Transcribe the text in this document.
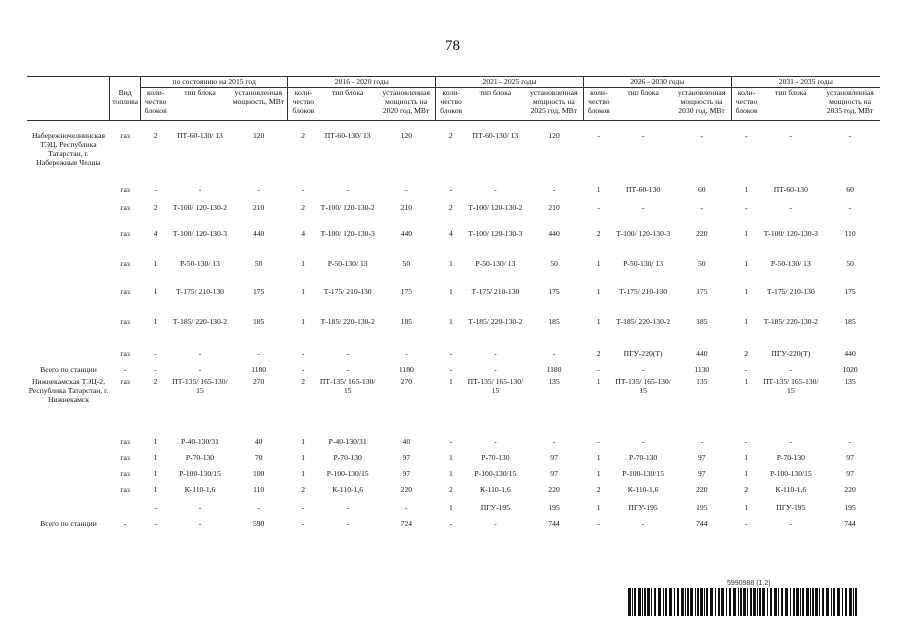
78
		по состоянию на 2015 год			2016 - 2020 годы			2021 - 2025 годы			2026 - 2030 годы			2031 - 2035 годы		
	Вид топлива	коли-чество блоков	тип блока	установленная мощность, МВт	коли-чество блоков	тип блока	установленная мощность на 2020 год, МВт	коли-чество блоков	тип блока	установленная мощность на 2025 год, МВт	коли-чество блоков	тип блока	установленная мощность на 2030 год, МВт	коли-чество блоков	тип блока	установленная мощность на 2035 год, МВт
Набережночелнинская ТЭЦ, Республика Татарстан, г. Набережные Челны	газ	2	ПТ-60-130/ 13	120	2	ПТ-60-130/ 13	120	2	ПТ-60-130/ 13	120	-	-	-	-	-	-
	газ	-	-	-	-	-	-	-	-	-	1	ПТ-60-130	60	1	ПТ-60-130	60
	газ	2	Т-100/ 120-130-2	210	2	Т-100/ 120-130-2	210	2	Т-100/ 120-130-2	210	-	-	-	-	-	-
	газ	4	Т-100/ 120-130-3	440	4	Т-100/ 120-130-3	440	4	Т-100/ 120-130-3	440	2	Т-100/ 120-130-3	220	1	Т-100/ 120-130-3	110
	газ	1	Р-50-130/ 13	50	1	Р-50-130/ 13	50	1	Р-50-130/ 13	50	1	Р-50-130/ 13	50	1	Р-50-130/ 13	50
	газ	1	Т-175/ 210-130	175	1	Т-175/ 210-130	175	1	Т-175/ 210-130	175	1	Т-175/ 210-130	175	1	Т-175/ 210-130	175
	газ	1	Т-185/ 220-130-2	185	1	Т-185/ 220-130-2	185	1	Т-185/ 220-130-2	185	1	Т-185/ 220-130-2	185	1	Т-185/ 220-130-2	185
	газ	-	-	-	-	-	-	-	-	-	2	ПГУ-220(Т)	440	2	ПГУ-220(Т)	440
Всего по станции	-	-	-	1180	-	-	1180	-	-	1180	-	-	1130	-	-	1020
Нижнекамская ТЭЦ-2, Республика Татарстан, г. Нижнекамск	газ	2	ПТ-135/ 165-130/ 15	270	2	ПТ-135/ 165-130/ 15	270	1	ПТ-135/ 165-130/ 15	135	1	ПТ-135/ 165-130/ 15	135	1	ПТ-135/ 165-130/ 15	135
	газ	1	Р-40-130/31	40	1	Р-40-130/31	40	-	-	-	-	-	-	-	-	-
	газ	1	Р-70-130	70	1	Р-70-130	97	1	Р-70-130	97	1	Р-70-130	97	1	Р-70-130	97
	газ	1	Р-100-130/15	100	1	Р-100-130/15	97	1	Р-100-130/15	97	1	Р-100-130/15	97	1	Р-100-130/15	97
	газ	1	К-110-1,6	110	2	К-110-1,6	220	2	К-110-1,6	220	2	К-110-1,6	220	2	К-110-1,6	220
		-	-	-	-	-	-	1	ПГУ-195	195	1	ПГУ-195	195	1	ПГУ-195	195
Всего по станции	-	-	-	590	-	-	724	-	-	744	-	-	744	-	-	744
5990988 (1.2)
